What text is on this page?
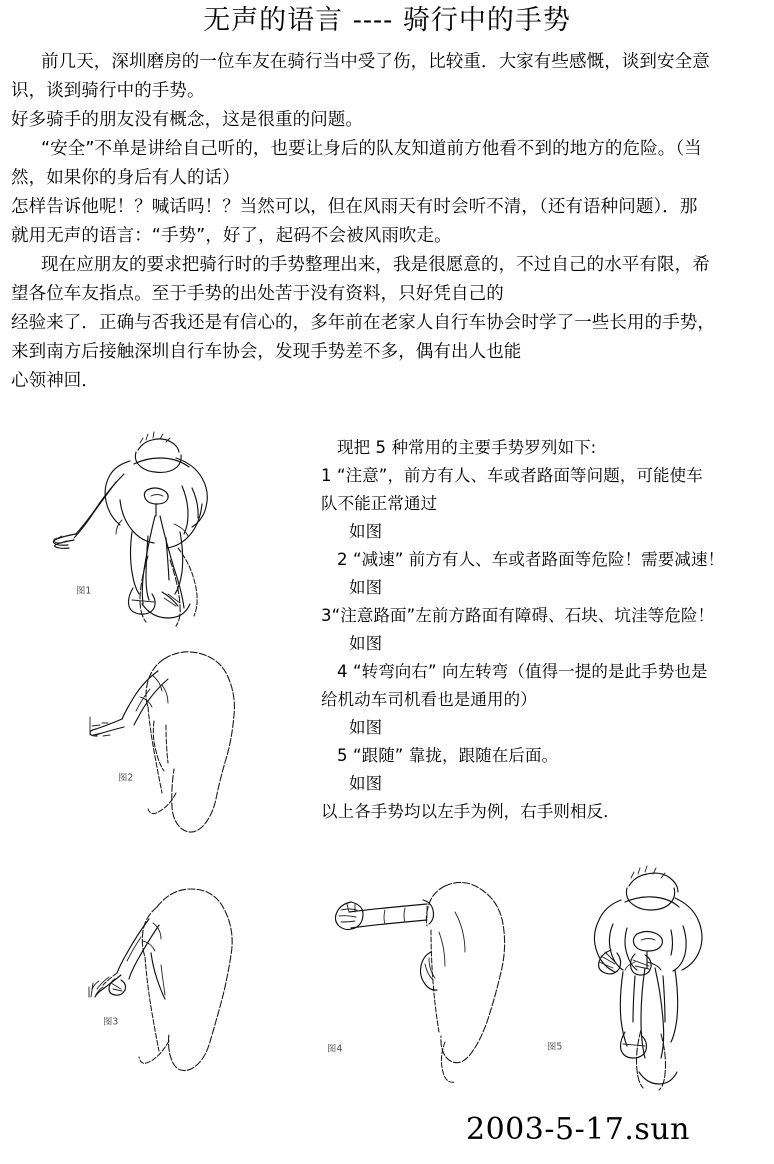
无声的语言 ---- 骑行中的手势
前几天，深圳磨房的一位车友在骑行当中受了伤，比较重．大家有些感慨，谈到安全意
识，谈到骑行中的手势。
好多骑手的朋友没有概念，这是很重的问题。
“安全”不单是讲给自己听的，也要让身后的队友知道前方他看不到的地方的危险。（当
然，如果你的身后有人的话）
怎样告诉他呢！？喊话吗！？当然可以，但在风雨天有时会听不清，（还有语种问题）．那
就用无声的语言：“手势”，好了，起码不会被风雨吹走。
现在应朋友的要求把骑行时的手势整理出来，我是很愿意的，不过自己的水平有限，希
望各位车友指点。至于手势的出处苦于没有资料，只好凭自己的
经验来了．正确与否我还是有信心的，多年前在老家人自行车协会时学了一些长用的手势，
来到南方后接触深圳自行车协会，发现手势差不多，偶有出人也能
心领神回．
现把 5 种常用的主要手势罗列如下:
1 “注意”，前方有人、车或者路面等问题，可能使车
队不能正常通过
如图
2 “减速” 前方有人、车或者路面等危险！需要减速！
如图
3“注意路面”左前方路面有障碍、石块、坑洼等危险！
如图
4 “转弯向右” 向左转弯（值得一提的是此手势也是
给机动车司机看也是通用的）
如图
5 “跟随” 靠拢，跟随在后面。
如图
以上各手势均以左手为例，右手则相反．
图1
图2
图3
图4	图5
2003-5-17.sun
